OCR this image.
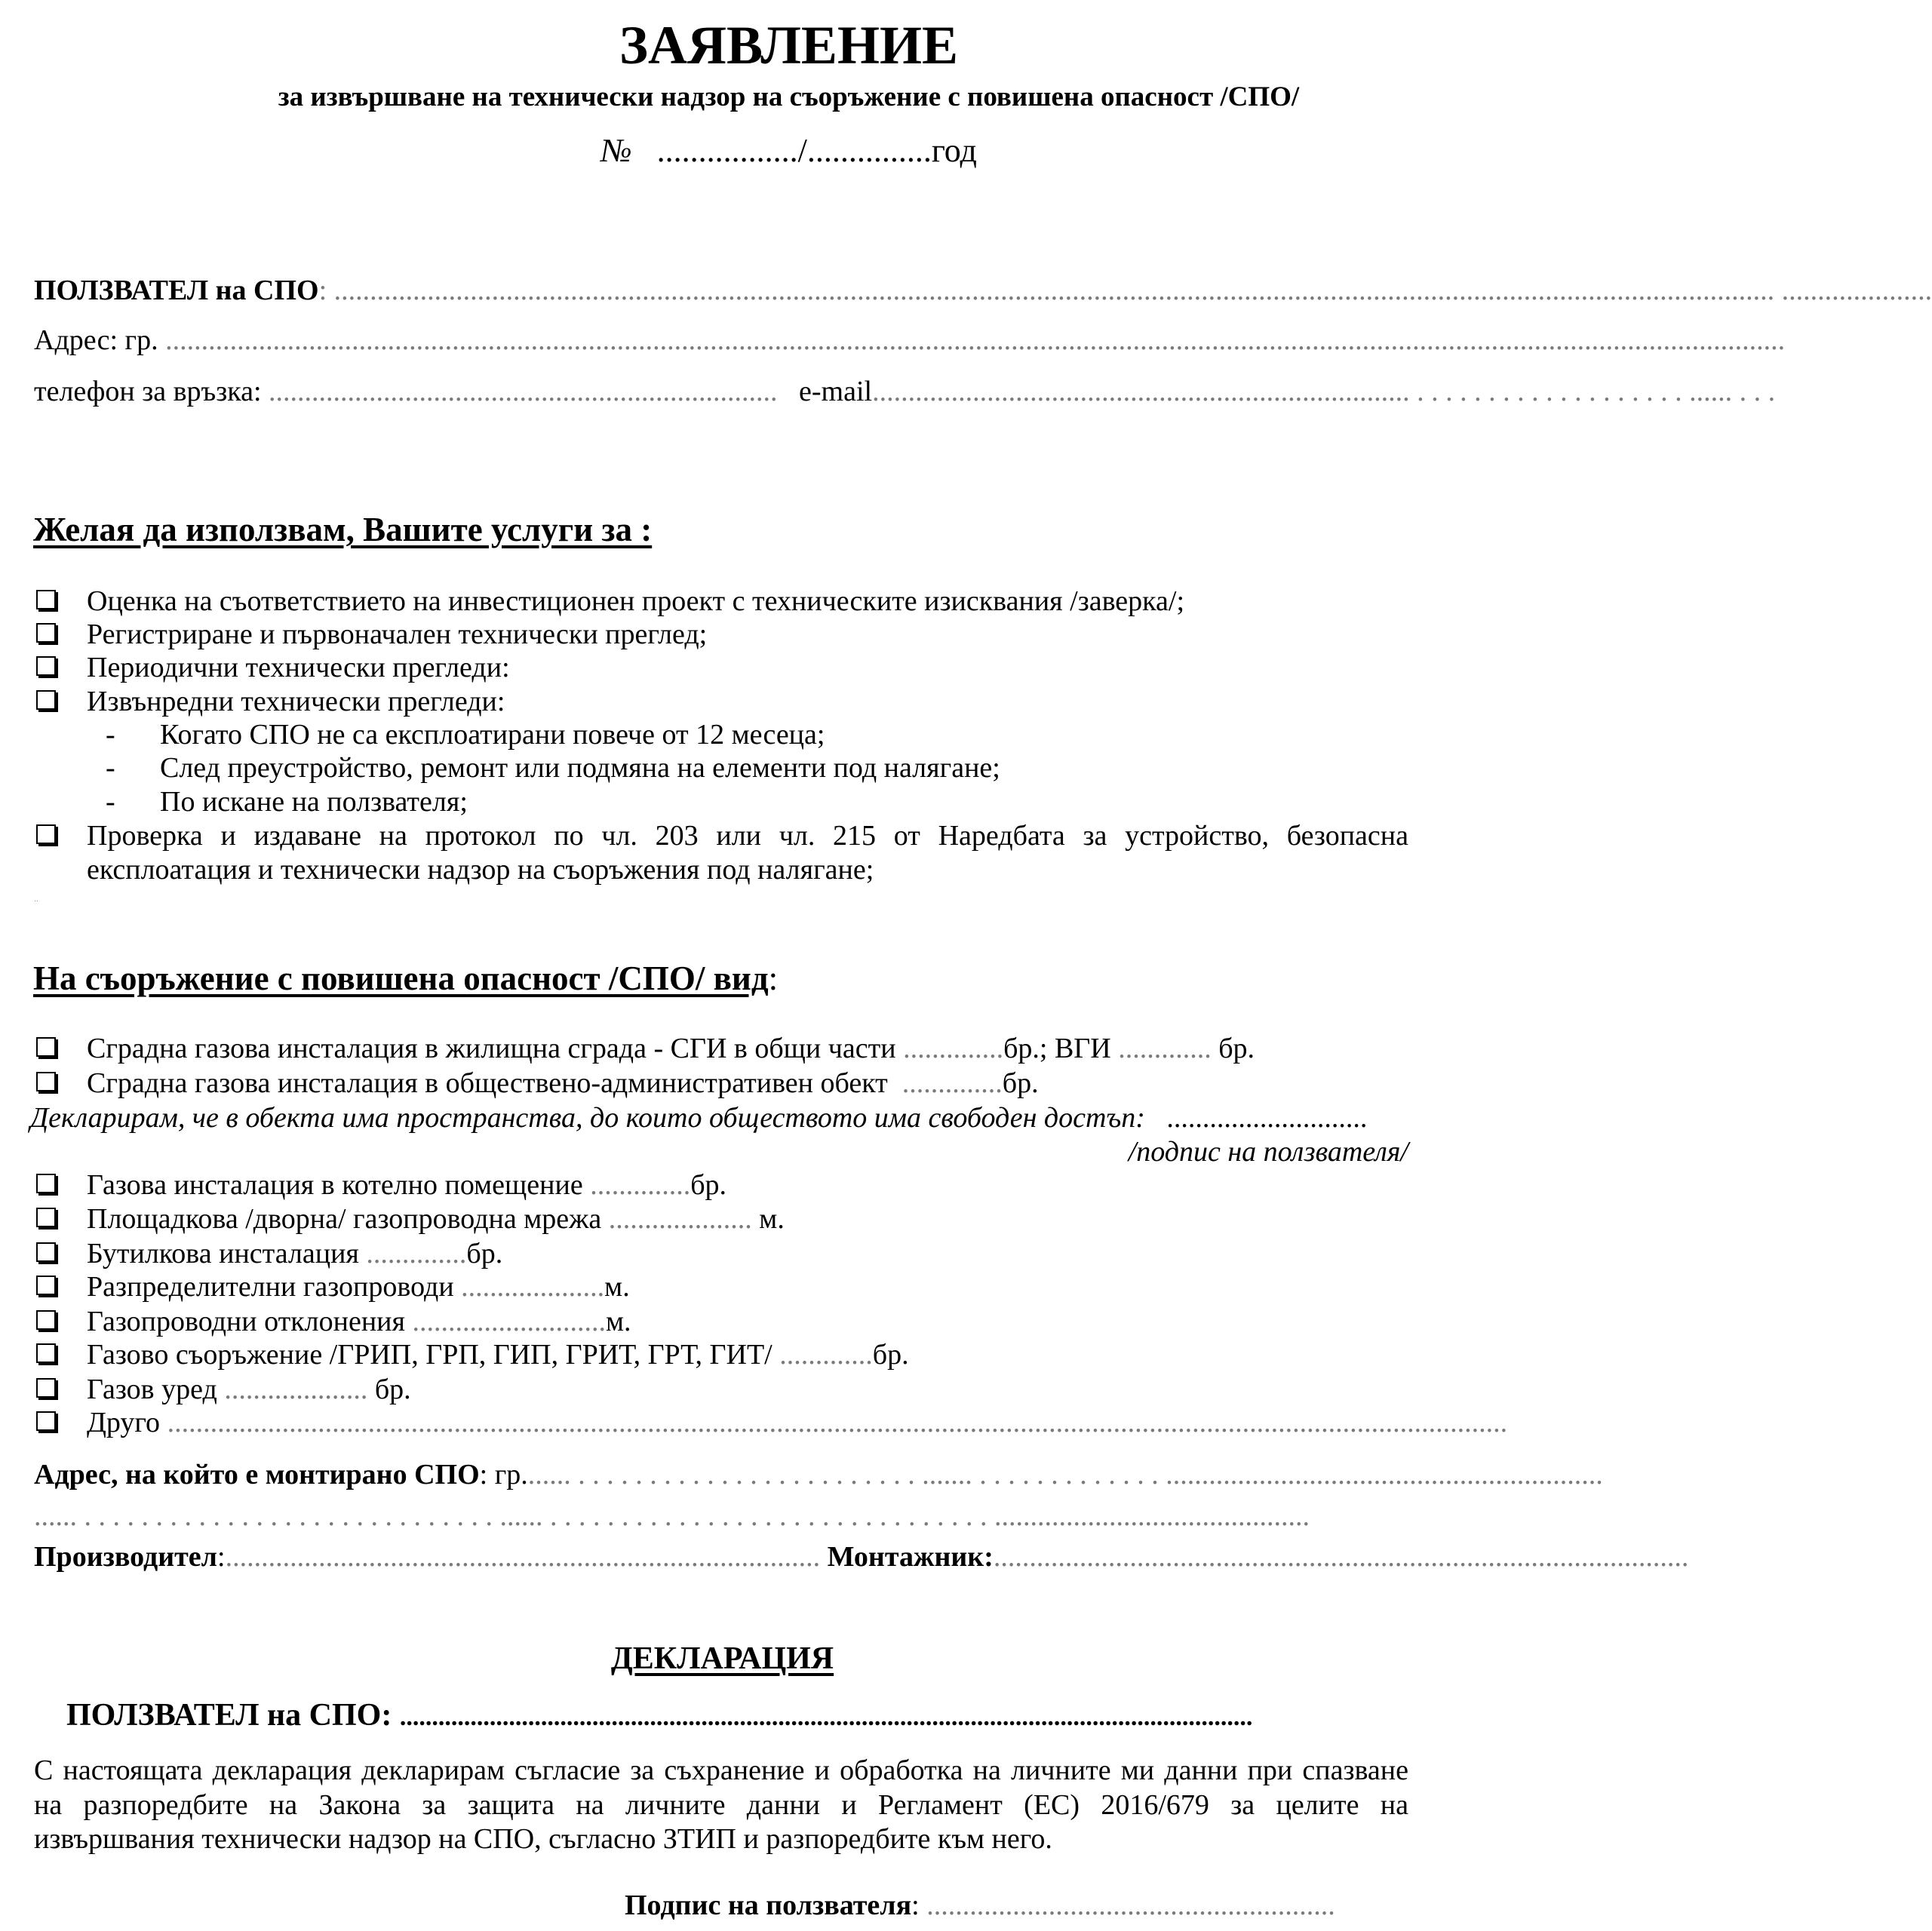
ЗАЯВЛЕНИЕ
за извършване на технически надзор на съоръжение с повишена опасност /СПО/
№ ................./...............год
ПОЛЗВАТЕЛ на СПО: ......................................................................................................................................................................................................... .....................
Адрес: гр. ..................................................................................................................................................................................................................................
телефон за връзка: ....................................................................... e-mail........................................................................... . . . . . . . . . . . . . . . . . . . ...... . . .
Желая да използвам, Вашите услуги за :
Оценка на съответствието на инвестиционен проект с техническите изисквания /заверка/;
Регистриране и първоначален технически преглед;
Периодични технически прегледи:
Извънредни технически прегледи:
- Когато СПО не са експлоатирани повече от 12 месеца;
- След преустройство, ремонт или подмяна на елементи под налягане;
- По искане на ползвателя;
Проверка и издаване на протокол по чл. 203 или чл. 215 от Наредбата за устройство, безопасна
експлоатация и технически надзор на съоръжения под налягане;
..
На съоръжение с повишена опасност /СПО/ вид:
Сградна газова инсталация в жилищна сграда - СГИ в общи части ..............бр.; ВГИ ............. бр.
Сградна газова инсталация в обществено-административен обект ..............бр.
Декларирам, че в обекта има пространства, до които обществото има свободен достъп: ............................
/подпис на ползвателя/
Газова инсталация в котелно помещение ..............бр.
Площадкова /дворна/ газопроводна мрежа .................... м.
Бутилкова инсталация ..............бр.
Разпределителни газопроводи ....................м.
Газопроводни отклонения ...........................м.
Газово съоръжение /ГРИП, ГРП, ГИП, ГРИТ, ГРТ, ГИТ/ .............бр.
Газов уред .................... бр.
Друго ...........................................................................................................................................................................................
Адрес, на който е монтирано СПО: гр....... . . . . . . . . . . . . . . . . . . . . . . . . ....... . . . . . . . . . . . . . .............................................................
...... . . . . . . . . . . . . . . . . . . . . . . . . . . . . . ...... . . . . . . . . . . . . . . . . . . . . . . . . . . . . . . . ............................................
Производител:................................................................................... Монтажник:.................................................................................................
ДЕКЛАРАЦИЯ
ПОЛЗВАТЕЛ на СПО: .....................................................................................................................................
С настоящата декларация декларирам съгласие за съхранение и обработка на личните ми данни при спазване
на разпоредбите на Закона за защита на личните данни и Регламент (ЕС) 2016/679 за целите на
извършвания технически надзор на СПО, съгласно ЗТИП и разпоредбите към него.
Подпис на ползвателя: .........................................................
